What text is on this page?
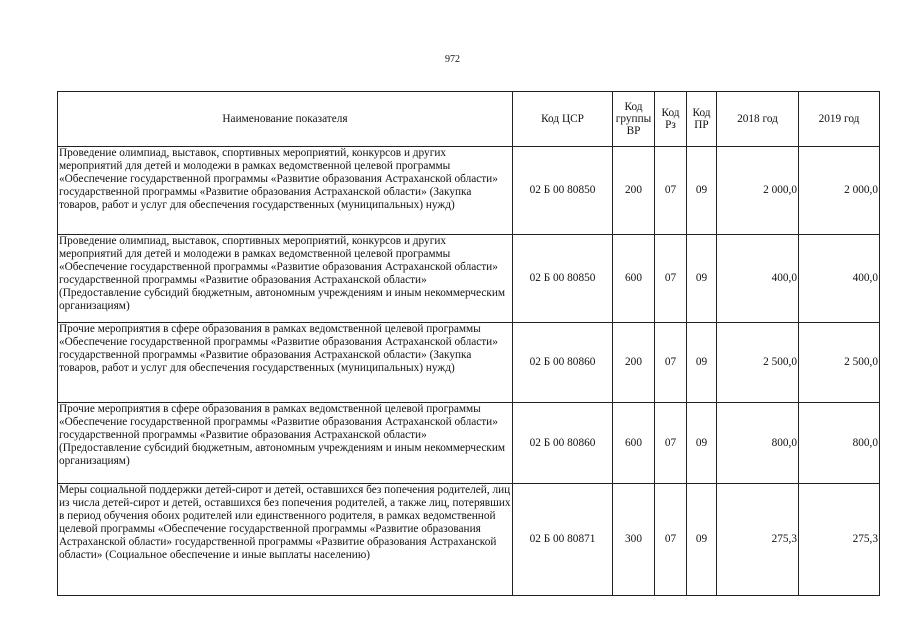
972
Наименование показателя	Код ЦСР	Код группы ВР	Код Рз	Код ПР	2018 год	2019 год
Проведение олимпиад, выставок, спортивных мероприятий, конкурсов и других мероприятий для детей и молодежи в рамках ведомственной целевой программы «Обеспечение государственной программы «Развитие образования Астраханской области» государственной программы «Развитие образования Астраханской области» (Закупка товаров, работ и услуг для обеспечения государственных (муниципальных) нужд)	02 Б 00 80850	200	07	09	2 000,0	2 000,0
Проведение олимпиад, выставок, спортивных мероприятий, конкурсов и других мероприятий для детей и молодежи в рамках ведомственной целевой программы «Обеспечение государственной программы «Развитие образования Астраханской области» государственной программы «Развитие образования Астраханской области» (Предоставление субсидий бюджетным, автономным учреждениям и иным некоммерческим организациям)	02 Б 00 80850	600	07	09	400,0	400,0
Прочие мероприятия в сфере образования в рамках ведомственной целевой программы «Обеспечение государственной программы «Развитие образования Астраханской области» государственной программы «Развитие образования Астраханской области» (Закупка товаров, работ и услуг для обеспечения государственных (муниципальных) нужд)	02 Б 00 80860	200	07	09	2 500,0	2 500,0
Прочие мероприятия в сфере образования в рамках ведомственной целевой программы «Обеспечение государственной программы «Развитие образования Астраханской области» государственной программы «Развитие образования Астраханской области» (Предоставление субсидий бюджетным, автономным учреждениям и иным некоммерческим организациям)	02 Б 00 80860	600	07	09	800,0	800,0
Меры социальной поддержки детей-сирот и детей, оставшихся без попечения родителей, лиц из числа детей-сирот и детей, оставшихся без попечения родителей, а также лиц, потерявших в период обучения обоих родителей или единственного родителя, в рамках ведомственной целевой программы «Обеспечение государственной программы «Развитие образования Астраханской области» государственной программы «Развитие образования Астраханской области» (Социальное обеспечение и иные выплаты населению)	02 Б 00 80871	300	07	09	275,3	275,3
